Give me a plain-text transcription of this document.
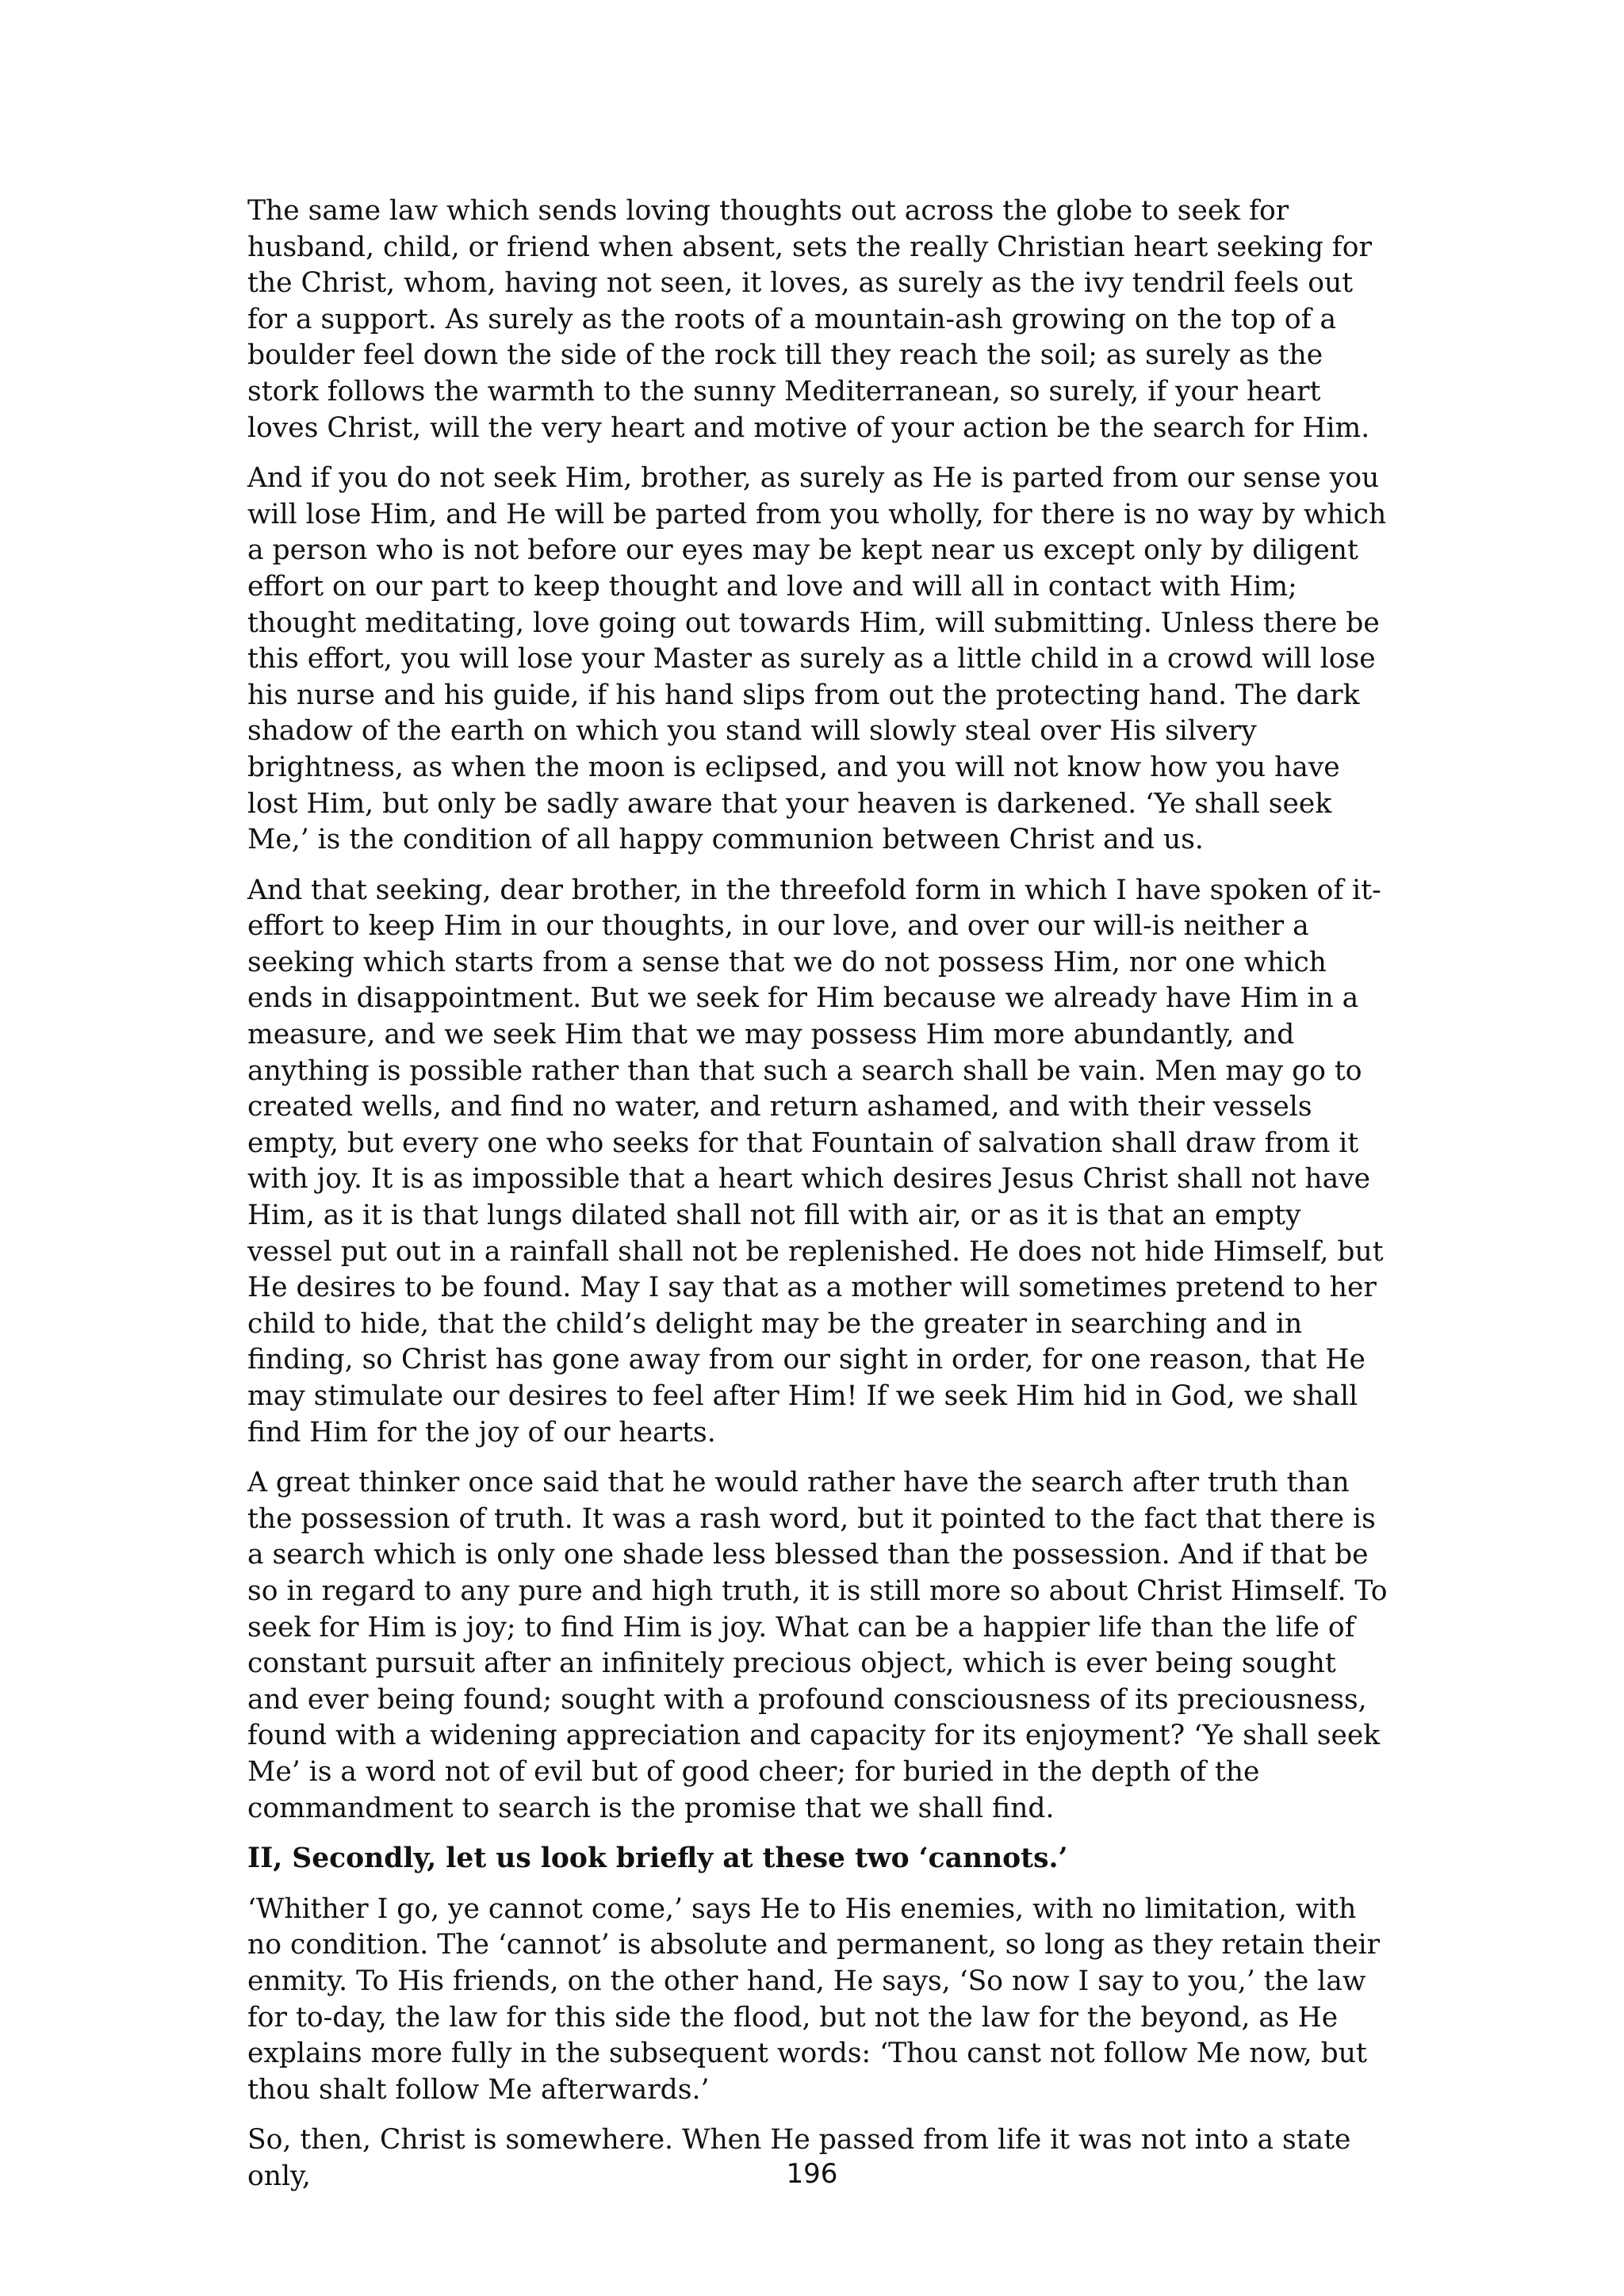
The same law which sends loving thoughts out across the globe to seek for husband, child, or friend when absent, sets the really Christian heart seeking for the Christ, whom, having not seen, it loves, as surely as the ivy tendril feels out for a support. As surely as the roots of a mountain-ash growing on the top of a boulder feel down the side of the rock till they reach the soil; as surely as the stork follows the warmth to the sunny Mediterranean, so surely, if your heart loves Christ, will the very heart and motive of your action be the search for Him.

And if you do not seek Him, brother, as surely as He is parted from our sense you will lose Him, and He will be parted from you wholly, for there is no way by which a person who is not before our eyes may be kept near us except only by diligent effort on our part to keep thought and love and will all in contact with Him; thought meditating, love going out towards Him, will submitting. Unless there be this effort, you will lose your Master as surely as a little child in a crowd will lose his nurse and his guide, if his hand slips from out the protecting hand. The dark shadow of the earth on which you stand will slowly steal over His silvery brightness, as when the moon is eclipsed, and you will not know how you have lost Him, but only be sadly aware that your heaven is darkened. ‘Ye shall seek Me,’ is the condition of all happy communion between Christ and us.

And that seeking, dear brother, in the threefold form in which I have spoken of it-effort to keep Him in our thoughts, in our love, and over our will-is neither a seeking which starts from a sense that we do not possess Him, nor one which ends in disappointment. But we seek for Him because we already have Him in a measure, and we seek Him that we may possess Him more abundantly, and anything is possible rather than that such a search shall be vain. Men may go to created wells, and find no water, and return ashamed, and with their vessels empty, but every one who seeks for that Fountain of salvation shall draw from it with joy. It is as impossible that a heart which desires Jesus Christ shall not have Him, as it is that lungs dilated shall not fill with air, or as it is that an empty vessel put out in a rainfall shall not be replenished. He does not hide Himself, but He desires to be found. May I say that as a mother will sometimes pretend to her child to hide, that the child’s delight may be the greater in searching and in finding, so Christ has gone away from our sight in order, for one reason, that He may stimulate our desires to feel after Him! If we seek Him hid in God, we shall find Him for the joy of our hearts.

A great thinker once said that he would rather have the search after truth than the possession of truth. It was a rash word, but it pointed to the fact that there is a search which is only one shade less blessed than the possession. And if that be so in regard to any pure and high truth, it is still more so about Christ Himself. To seek for Him is joy; to find Him is joy. What can be a happier life than the life of constant pursuit after an infinitely precious object, which is ever being sought and ever being found; sought with a profound consciousness of its preciousness, found with a widening appreciation and capacity for its enjoyment? ‘Ye shall seek Me’ is a word not of evil but of good cheer; for buried in the depth of the commandment to search is the promise that we shall find.

II, Secondly, let us look briefly at these two ‘cannots.’

‘Whither I go, ye cannot come,’ says He to His enemies, with no limitation, with no condition. The ‘cannot’ is absolute and permanent, so long as they retain their enmity. To His friends, on the other hand, He says, ‘So now I say to you,’ the law for to-day, the law for this side the flood, but not the law for the beyond, as He explains more fully in the subsequent words: ‘Thou canst not follow Me now, but thou shalt follow Me afterwards.’

So, then, Christ is somewhere. When He passed from life it was not into a state only,	196
